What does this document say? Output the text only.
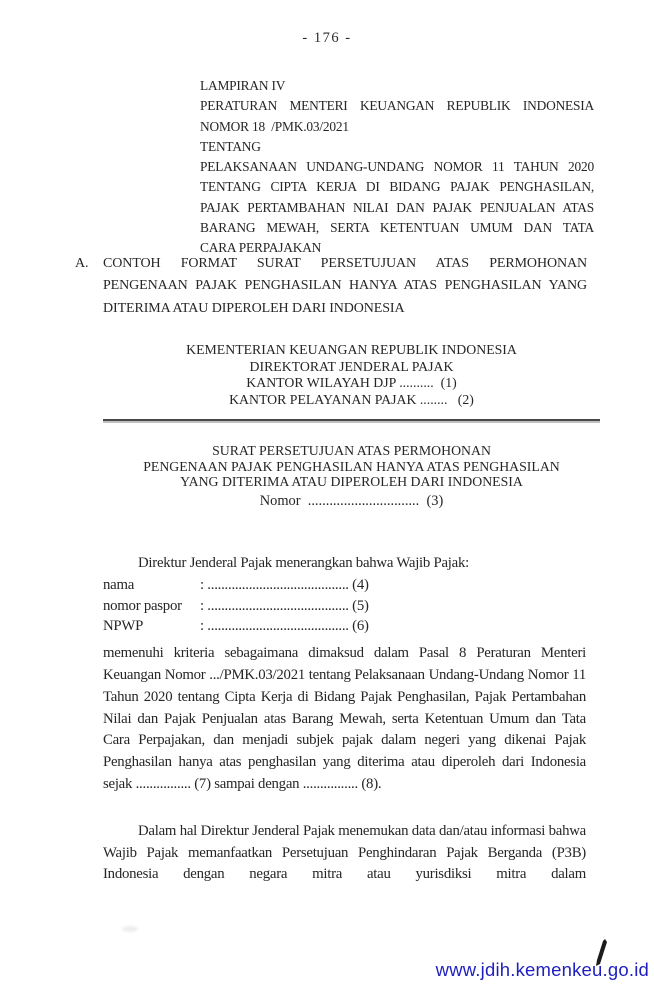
- 176 -
LAMPIRAN IV
PERATURAN MENTERI KEUANGAN REPUBLIK INDONESIA
NOMOR 18  /PMK.03/2021
TENTANG
PELAKSANAAN UNDANG-UNDANG NOMOR 11 TAHUN 2020
TENTANG CIPTA KERJA DI BIDANG PAJAK PENGHASILAN,
PAJAK PERTAMBAHAN NILAI DAN PAJAK PENJUALAN ATAS
BARANG MEWAH, SERTA KETENTUAN UMUM DAN TATA
CARA PERPAJAKAN
A.	CONTOH FORMAT SURAT PERSETUJUAN ATAS PERMOHONAN PENGENAAN PAJAK PENGHASILAN HANYA ATAS PENGHASILAN YANG DITERIMA ATAU DIPEROLEH DARI INDONESIA
KEMENTERIAN KEUANGAN REPUBLIK INDONESIA
DIREKTORAT JENDERAL PAJAK
KANTOR WILAYAH DJP ..........  (1)
KANTOR PELAYANAN PAJAK ........   (2)
SURAT PERSETUJUAN ATAS PERMOHONAN
PENGENAAN PAJAK PENGHASILAN HANYA ATAS PENGHASILAN
YANG DITERIMA ATAU DIPEROLEH DARI INDONESIA
Nomor  ...............................  (3)
Direktur Jenderal Pajak menerangkan bahwa Wajib Pajak:
nama	: ......................................... (4)
nomor paspor	: ......................................... (5)
NPWP	: ......................................... (6)
memenuhi kriteria sebagaimana dimaksud dalam Pasal 8 Peraturan Menteri Keuangan Nomor .../PMK.03/2021 tentang Pelaksanaan Undang-Undang Nomor 11 Tahun 2020 tentang Cipta Kerja di Bidang Pajak Penghasilan, Pajak Pertambahan Nilai dan Pajak Penjualan atas Barang Mewah, serta Ketentuan Umum dan Tata Cara Perpajakan, dan menjadi subjek pajak dalam negeri yang dikenai Pajak Penghasilan hanya atas penghasilan yang diterima atau diperoleh dari Indonesia sejak ................ (7) sampai dengan ................ (8).
Dalam hal Direktur Jenderal Pajak menemukan data dan/atau informasi bahwa Wajib Pajak memanfaatkan Persetujuan Penghindaran Pajak Berganda (P3B) Indonesia dengan negara mitra atau yurisdiksi mitra dalam
www.jdih.kemenkeu.go.id
